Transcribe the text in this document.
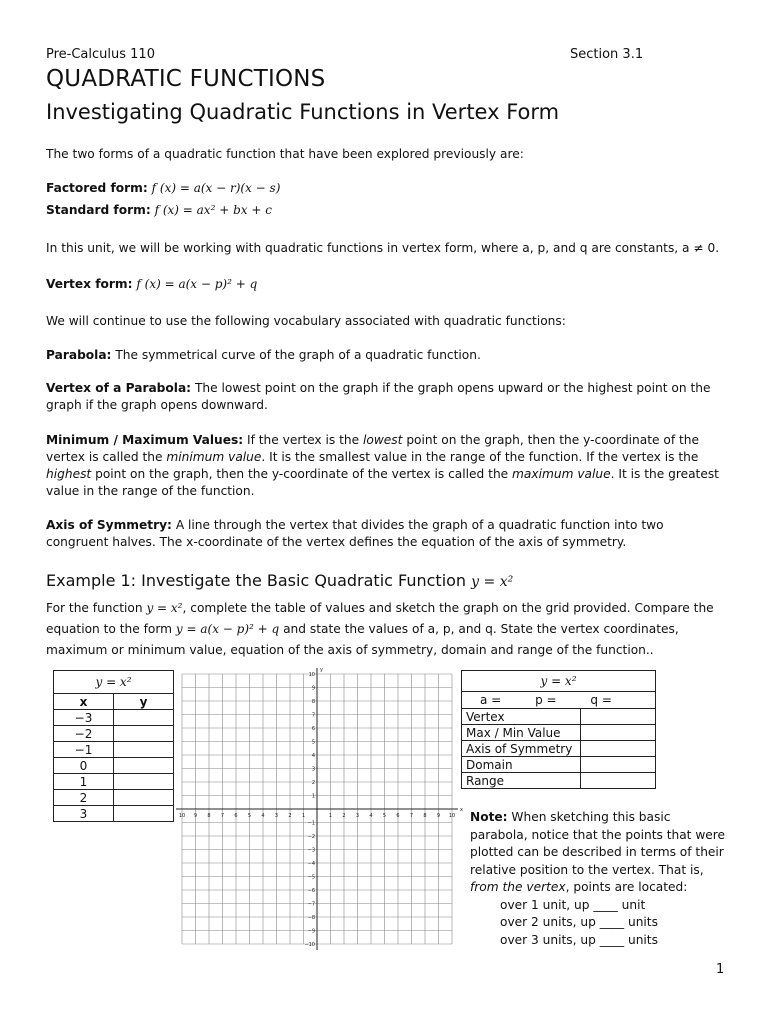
Pre-Calculus 110	Section 3.1
QUADRATIC FUNCTIONS
Investigating Quadratic Functions in Vertex Form
The two forms of a quadratic function that have been explored previously are:
Factored form: f (x) = a(x − r)(x − s)
Standard form: f (x) = ax² + bx + c
In this unit, we will be working with quadratic functions in vertex form, where a, p, and q are constants, a ≠ 0.
Vertex form: f (x) = a(x − p)² + q
We will continue to use the following vocabulary associated with quadratic functions:
Parabola: The symmetrical curve of the graph of a quadratic function.
Vertex of a Parabola: The lowest point on the graph if the graph opens upward or the highest point on the graph if the graph opens downward.
Minimum / Maximum Values: If the vertex is the lowest point on the graph, then the y-coordinate of the vertex is called the minimum value. It is the smallest value in the range of the function. If the vertex is the highest point on the graph, then the y-coordinate of the vertex is called the maximum value. It is the greatest value in the range of the function.
Axis of Symmetry: A line through the vertex that divides the graph of a quadratic function into two congruent halves. The x-coordinate of the vertex defines the equation of the axis of symmetry.
Example 1: Investigate the Basic Quadratic Function y = x²
For the function y = x², complete the table of values and sketch the graph on the grid provided. Compare the equation to the form y = a(x − p)² + q and state the values of a, p, and q. State the vertex coordinates, maximum or minimum value, equation of the axis of symmetry, domain and range of the function..
y = x²	
x	y
−3	
−2	
−1	
0	
1	
2	
3		10 9 8 7 6 5 4 3 2 1	1 2 3 4 5 6 7 8 9 10
10
9
8
7
6
5
4
3
2
1
−1
−2
−3
−4
−5
−6
−7
−8
−9
−10
x
y
y = x²	
a = p = q =	
Vertex	
Max / Min Value	
Axis of Symmetry	
Domain	
Range	
Note: When sketching this basic parabola, notice that the points that were plotted can be described in terms of their relative position to the vertex. That is, from the vertex, points are located:
over 1 unit, up ____ unit
over 2 units, up ____ units
over 3 units, up ____ units
1
